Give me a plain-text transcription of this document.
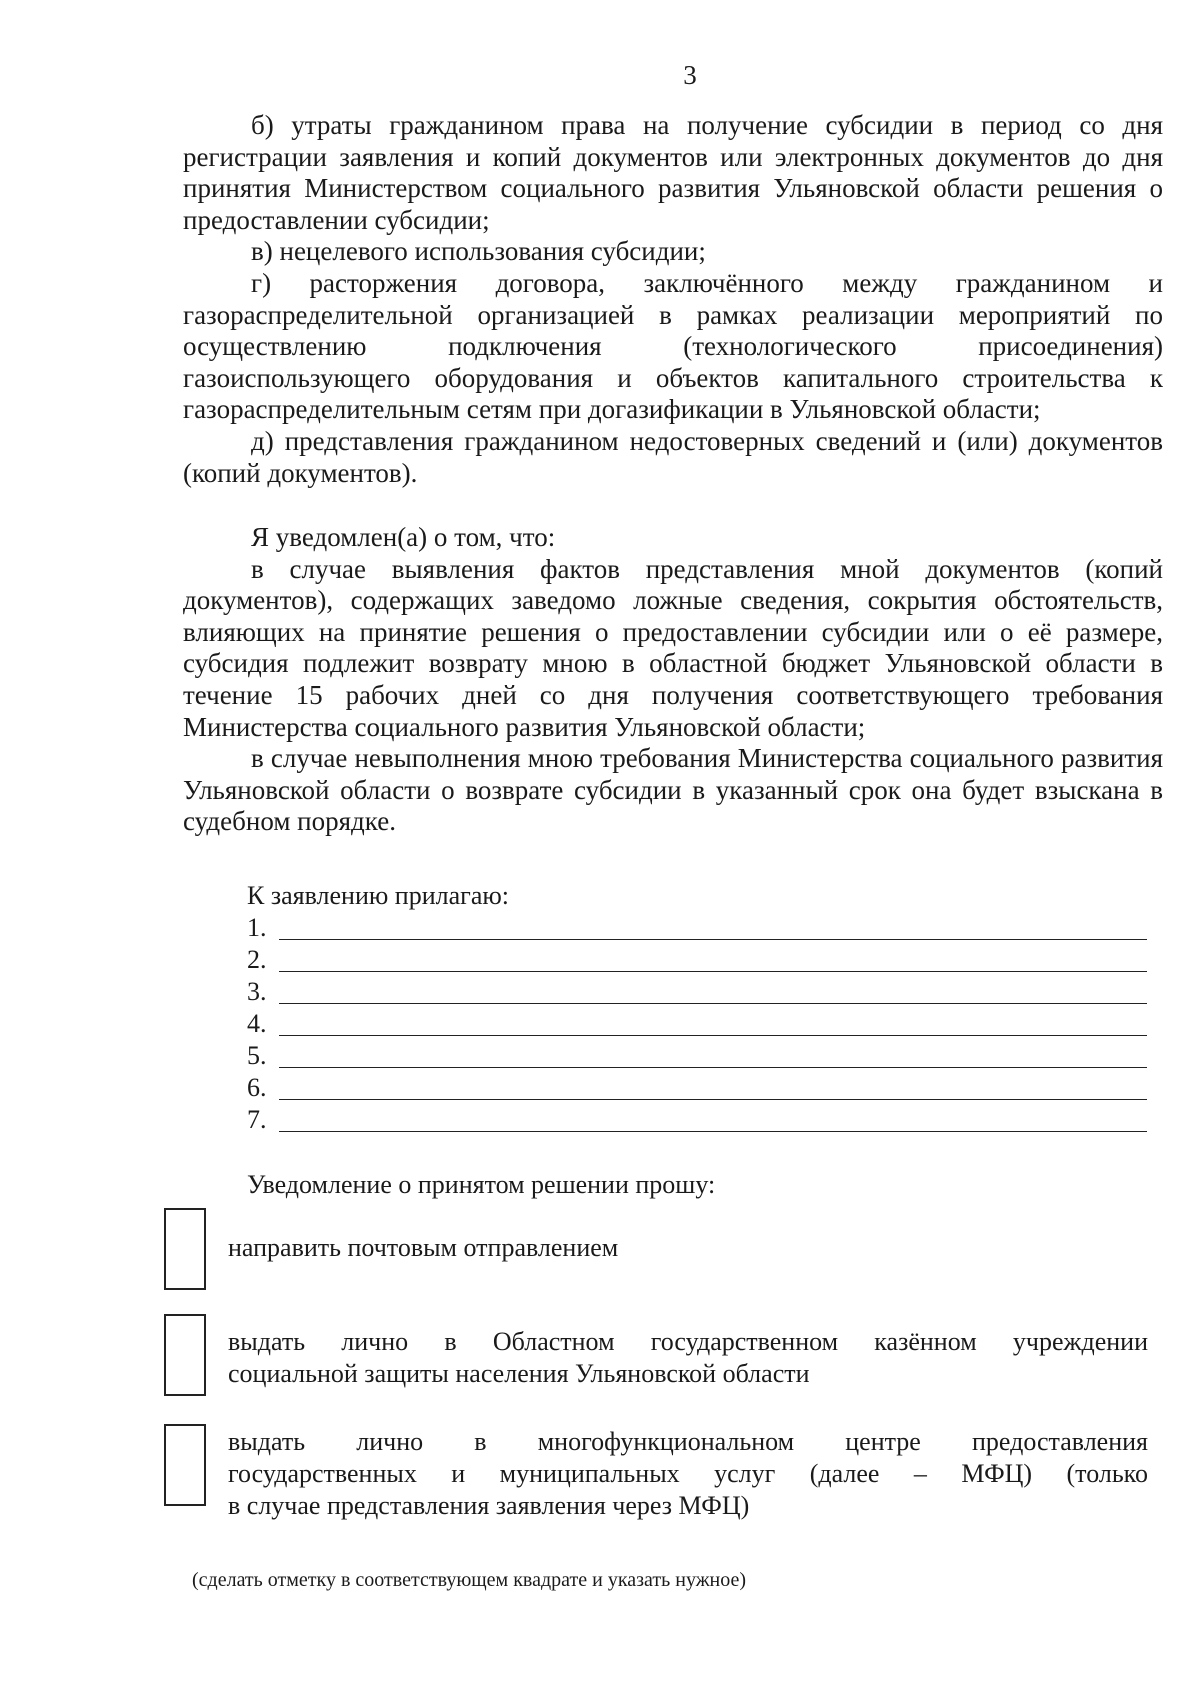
3

б) утраты гражданином права на получение субсидии в период со дня регистрации заявления и копий документов или электронных документов до дня принятия Министерством социального развития Ульяновской области решения о предоставлении субсидии;

в) нецелевого использования субсидии;

г) расторжения договора, заключённого между гражданином и газораспределительной организацией в рамках реализации мероприятий по осуществлению подключения (технологического присоединения) газоиспользующего оборудования и объектов капитального строительства к газораспределительным сетям при догазификации в Ульяновской области;

д) представления гражданином недостоверных сведений и (или) документов (копий документов).

Я уведомлен(а) о том, что:

в случае выявления фактов представления мной документов (копий документов), содержащих заведомо ложные сведения, сокрытия обстоятельств, влияющих на принятие решения о предоставлении субсидии или о её размере, субсидия подлежит возврату мною в областной бюджет Ульяновской области в течение 15 рабочих дней со дня получения соответствующего требования Министерства социального развития Ульяновской области;

в случае невыполнения мною требования Министерства социального развития Ульяновской области о возврате субсидии в указанный срок она будет взыскана в судебном порядке.

К заявлению прилагаю:
1.
2.
3.
4.
5.
6.
7.
Уведомление о принятом решении прошу:
направить почтовым отправлением
выдать лично в Областном государственном казённом учреждении
социальной защиты населения Ульяновской области
выдать лично в многофункциональном центре предоставления
государственных и муниципальных услуг (далее – МФЦ) (только
в случае представления заявления через МФЦ)
(сделать отметку в соответствующем квадрате и указать нужное)
